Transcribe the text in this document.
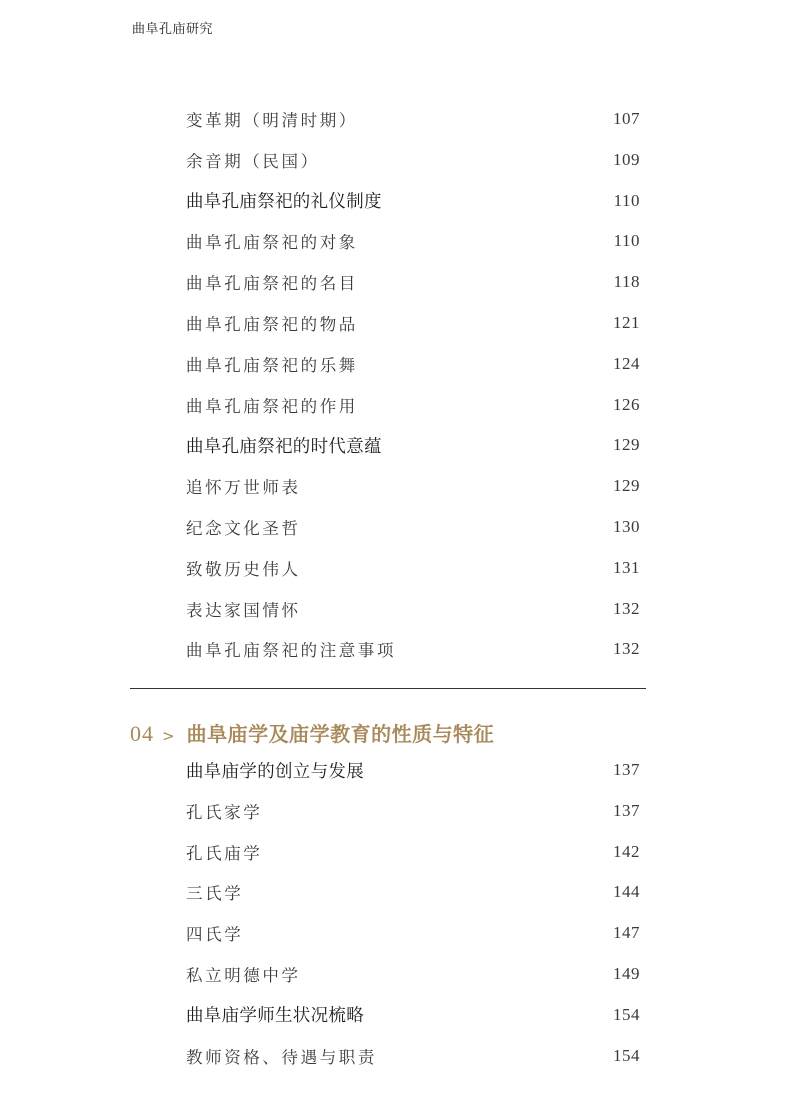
曲阜孔庙研究
变革期（明清时期）	107
余音期（民国）	109
曲阜孔庙祭祀的礼仪制度	110
曲阜孔庙祭祀的对象	110
曲阜孔庙祭祀的名目	118
曲阜孔庙祭祀的物品	121
曲阜孔庙祭祀的乐舞	124
曲阜孔庙祭祀的作用	126
曲阜孔庙祭祀的时代意蕴	129
追怀万世师表	129
纪念文化圣哲	130
致敬历史伟人	131
表达家国情怀	132
曲阜孔庙祭祀的注意事项	132
04 > 曲阜庙学及庙学教育的性质与特征
曲阜庙学的创立与发展	137
孔氏家学	137
孔氏庙学	142
三氏学	144
四氏学	147
私立明德中学	149
曲阜庙学师生状况梳略	154
教师资格、待遇与职责	154
